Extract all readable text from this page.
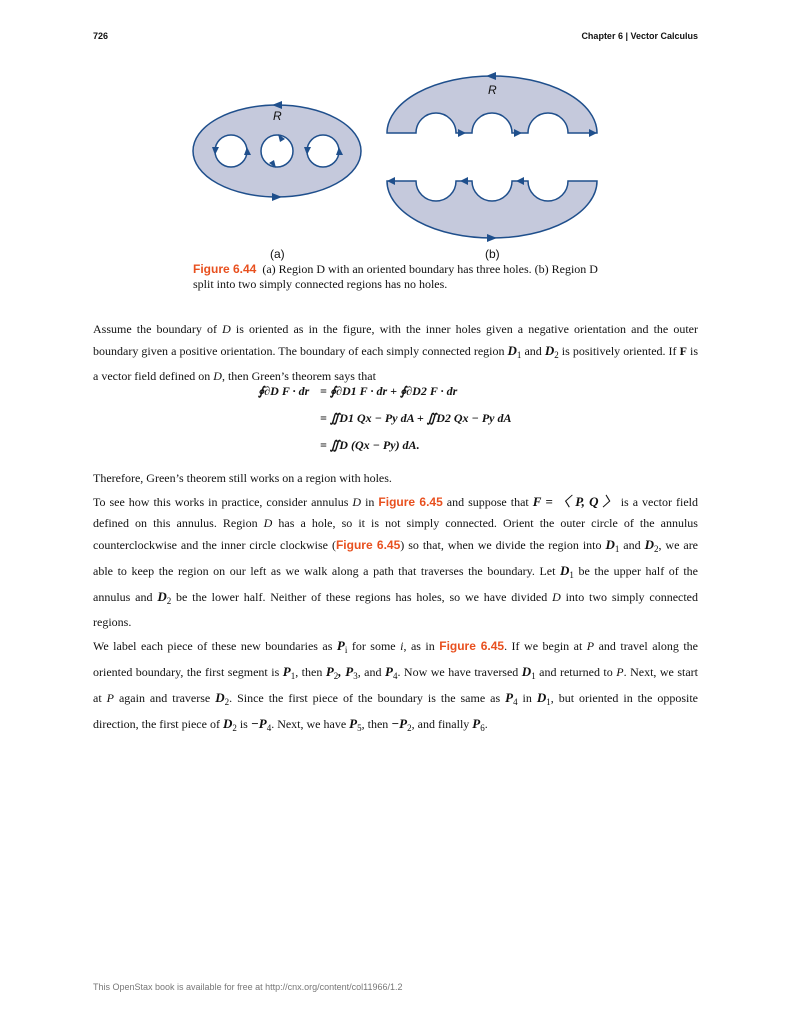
726	Chapter 6 | Vector Calculus
R
R
(a)	(b)
Figure 6.44 (a) Region D with an oriented boundary has three holes. (b) Region D split into two simply connected regions has no holes.
Assume the boundary of D is oriented as in the figure, with the inner holes given a negative orientation and the outer boundary given a positive orientation. The boundary of each simply connected region $D_1$ and $D_2$ is positively oriented. If F is a vector field defined on D, then Green’s theorem says that
∮∂D F · dr = ∮∂D1 F · dr + ∮∂D2 F · dr
= ∬D1 Qx − Py dA + ∬D2 Qx − Py dA
= ∬D (Qx − Py) dA.

Therefore, Green’s theorem still works on a region with holes.

To see how this works in practice, consider annulus D in Figure 6.45 and suppose that F = 〈 P, Q 〉 is a vector field defined on this annulus. Region D has a hole, so it is not simply connected. Orient the outer circle of the annulus counterclockwise and the inner circle clockwise (Figure 6.45) so that, when we divide the region into $D_1$ and $D_2$, we are able to keep the region on our left as we walk along a path that traverses the boundary. Let $D_1$ be the upper half of the annulus and $D_2$ be the lower half. Neither of these regions has holes, so we have divided D into two simply connected regions.

We label each piece of these new boundaries as $P_i$ for some i, as in Figure 6.45. If we begin at P and travel along the oriented boundary, the first segment is $P_1$, then $P_2$, $P_3$, and $P_4$. Now we have traversed $D_1$ and returned to P. Next, we start at P again and traverse $D_2$. Since the first piece of the boundary is the same as $P_4$ in $D_1$, but oriented in the opposite direction, the first piece of $D_2$ is $-P_4$. Next, we have $P_5$, then $-P_2$, and finally $P_6$.

This OpenStax book is available for free at http://cnx.org/content/col11966/1.2
